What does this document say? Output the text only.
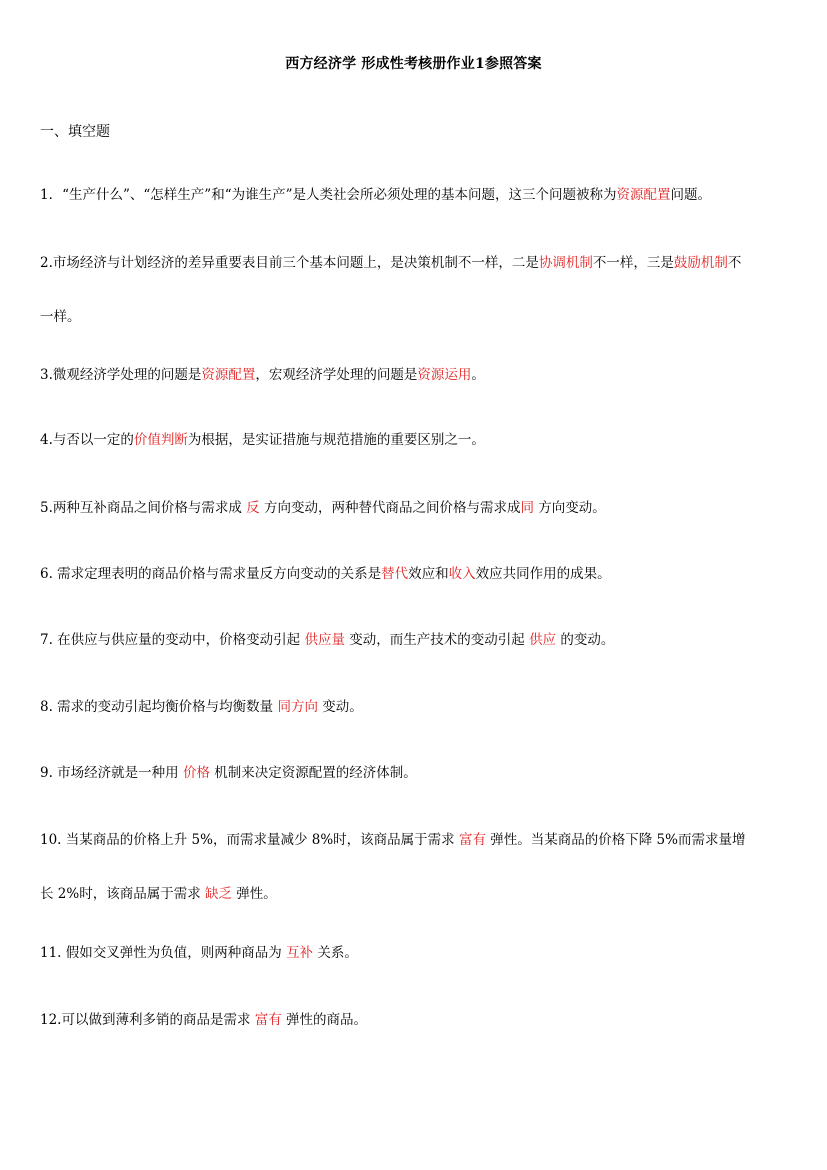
西方经济学 形成性考核册作业1参照答案
一、填空题
1．“生产什么”、“怎样生产”和“为谁生产”是人类社会所必须处理的基本问题，这三个问题被称为资源配置问题。
2.市场经济与计划经济的差异重要表目前三个基本问题上，是决策机制不一样，二是协调机制不一样，三是鼓励机制不
一样。
3.微观经济学处理的问题是资源配置，宏观经济学处理的问题是资源运用。
4.与否以一定的价值判断为根据，是实证措施与规范措施的重要区别之一。
5.两种互补商品之间价格与需求成 反 方向变动，两种替代商品之间价格与需求成同 方向变动。
6. 需求定理表明的商品价格与需求量反方向变动的关系是替代效应和收入效应共同作用的成果。
7. 在供应与供应量的变动中，价格变动引起 供应量 变动，而生产技术的变动引起 供应 的变动。
8. 需求的变动引起均衡价格与均衡数量 同方向 变动。
9. 市场经济就是一种用 价格 机制来决定资源配置的经济体制。
10. 当某商品的价格上升 5%，而需求量减少 8%时，该商品属于需求 富有 弹性。当某商品的价格下降 5%而需求量增
长 2%时，该商品属于需求 缺乏 弹性。
11. 假如交叉弹性为负值，则两种商品为 互补 关系。
12.可以做到薄利多销的商品是需求 富有 弹性的商品。
